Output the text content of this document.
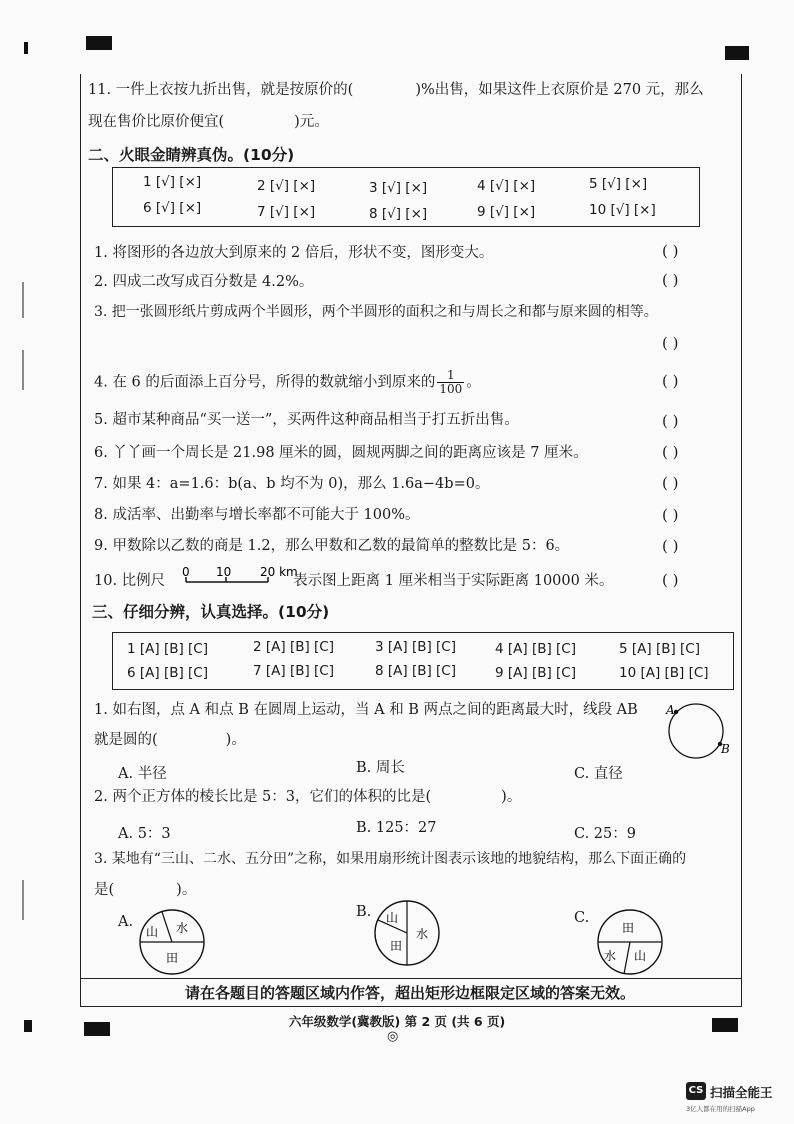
11. 一件上衣按九折出售，就是按原价的(	)%出售，如果这件上衣原价是 270 元，那么
现在售价比原价便宜(	)元。
二、火眼金睛辨真伪。(10分)
1 [√] [×]	2 [√] [×]	3 [√] [×]	4 [√] [×]	5 [√] [×]
6 [√] [×]	7 [√] [×]	8 [√] [×]	9 [√] [×]	10 [√] [×]
1. 将图形的各边放大到原来的 2 倍后，形状不变，图形变大。	( )
2. 四成二改写成百分数是 4.2%。	( )
3. 把一张圆形纸片剪成两个半圆形，两个半圆形的面积之和与周长之和都与原来圆的相等。
( )
4. 在 6 的后面添上百分号，所得的数就缩小到原来的 $\frac{1}{100}$ 。	( )
5. 超市某种商品“买一送一”，买两件这种商品相当于打五折出售。	( )
6. 丫丫画一个周长是 21.98 厘米的圆，圆规两脚之间的距离应该是 7 厘米。	( )
7. 如果 4：a=1.6：b(a、b 均不为 0)，那么 1.6a−4b=0。	( )
8. 成活率、出勤率与增长率都不可能大于 100%。	( )
9. 甲数除以乙数的商是 1.2，那么甲数和乙数的最简单的整数比是 5：6。	( )
10. 比例尺	表示图上距离 1 厘米相当于实际距离 10000 米。
0 10 20 km	( )
三、仔细分辨，认真选择。(10分)
1 [A] [B] [C]	2 [A] [B] [C]	3 [A] [B] [C]	4 [A] [B] [C]	5 [A] [B] [C]
6 [A] [B] [C]	7 [A] [B] [C]	8 [A] [B] [C]	9 [A] [B] [C]	10 [A] [B] [C]
1. 如右图，点 A 和点 B 在圆周上运动，当 A 和 B 两点之间的距离最大时，线段 AB
就是圆的(	)。
A
B
A. 半径	B. 周长	C. 直径
2. 两个正方体的棱长比是 5：3，它们的体积的比是(	)。
A. 5：3	B. 125：27	C. 25：9
3. 某地有“三山、二水、五分田”之称，如果用扇形统计图表示该地的地貌结构，那么下面正确的
是(	)。
A.
山 水
田
B. 山
水
田
C.
田
水 山
请在各题目的答题区域内作答，超出矩形边框限定区域的答案无效。
六年级数学(冀教版) 第 2 页 (共 6 页)
◎
CS 扫描全能王
3亿人都在用的扫描App
